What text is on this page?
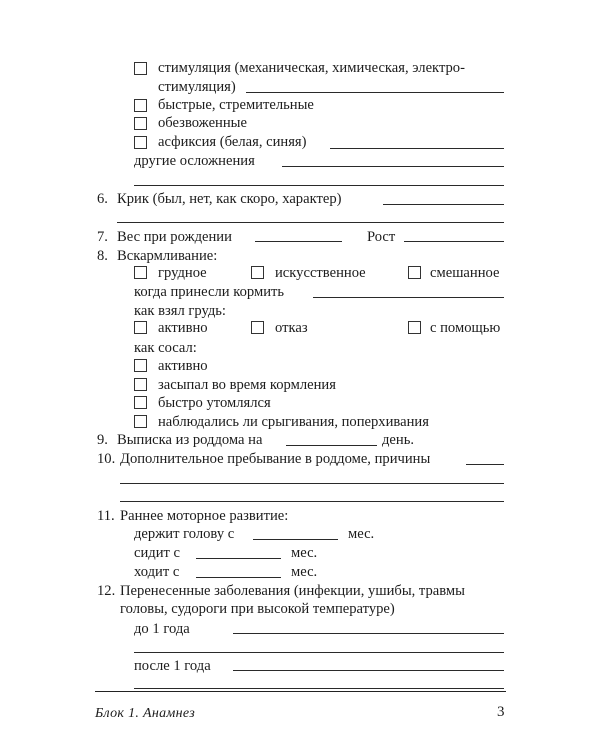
стимуляция (механическая, химическая, электро-
стимуляция)
быстрые, стремительные
обезвоженные
асфиксия (белая, синяя)
другие осложнения
6. Крик (был, нет, как скоро, характер)
7. Вес при рождении	Рост
8. Вскармливание:
грудное	искусственное	смешанное
когда принесли кормить
как взял грудь:
активно	отказ	с помощью
как сосал:
активно
засыпал во время кормления
быстро утомлялся
наблюдались ли срыгивания, поперхивания
9. Выписка из роддома на	день.
10. Дополнительное пребывание в роддоме, причины
11. Раннее моторное развитие:
держит голову с	мес.
сидит с	мес.
ходит с	мес.
12. Перенесенные заболевания (инфекции, ушибы, травмы
головы, судороги при высокой температуре)
до 1 года
после 1 года
Блок 1. Анамнез	3
